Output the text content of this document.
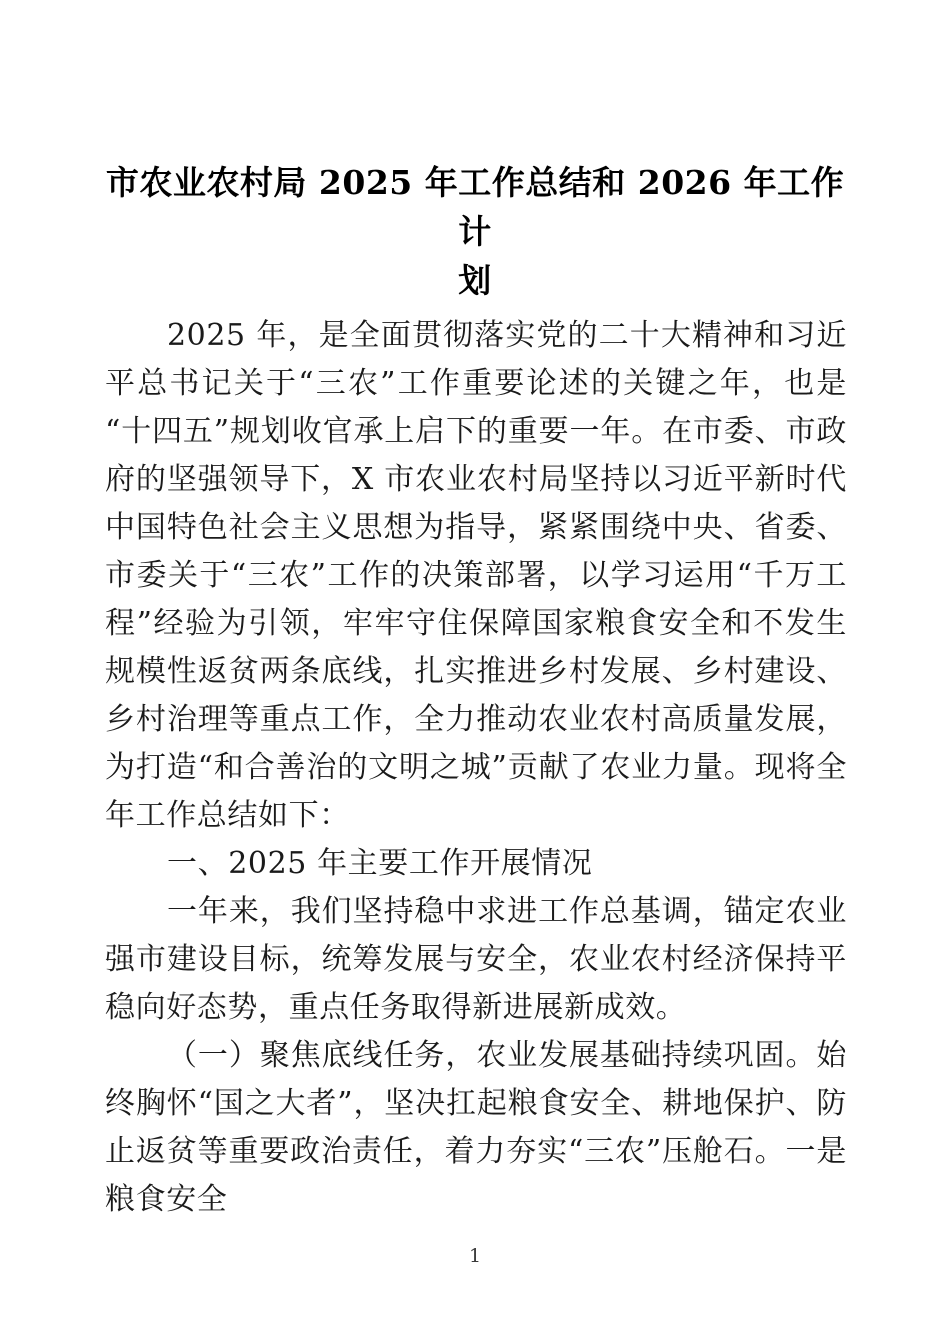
市农业农村局 2025 年工作总结和 2026 年工作计
划

2025 年，是全面贯彻落实党的二十大精神和习近平总书记关于“三农”工作重要论述的关键之年，也是“十四五”规划收官承上启下的重要一年。在市委、市政府的坚强领导下，X 市农业农村局坚持以习近平新时代中国特色社会主义思想为指导，紧紧围绕中央、省委、市委关于“三农”工作的决策部署，以学习运用“千万工程”经验为引领，牢牢守住保障国家粮食安全和不发生规模性返贫两条底线，扎实推进乡村发展、乡村建设、乡村治理等重点工作，全力推动农业农村高质量发展，为打造“和合善治的文明之城”贡献了农业力量。现将全年工作总结如下：

一、2025 年主要工作开展情况

一年来，我们坚持稳中求进工作总基调，锚定农业强市建设目标，统筹发展与安全，农业农村经济保持平稳向好态势，重点任务取得新进展新成效。

（一）聚焦底线任务，农业发展基础持续巩固。始终胸怀“国之大者”，坚决扛起粮食安全、耕地保护、防止返贫等重要政治责任，着力夯实“三农”压舱石。一是粮食安全

1
